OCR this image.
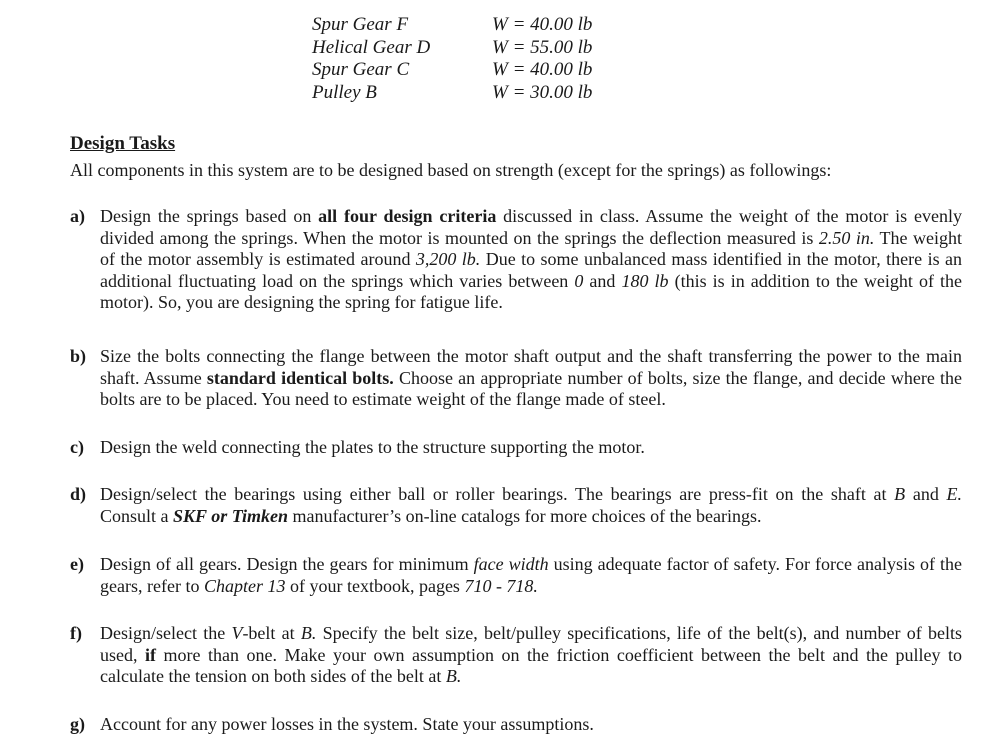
Spur Gear F	W = 40.00 lb
Helical Gear D	W = 55.00 lb
Spur Gear C	W = 40.00 lb
Pulley B	W = 30.00 lb
Design Tasks
All components in this system are to be designed based on strength (except for the springs) as followings:
a) Design the springs based on all four design criteria discussed in class. Assume the weight of the motor is evenly divided among the springs. When the motor is mounted on the springs the deflection measured is 2.50 in. The weight of the motor assembly is estimated around 3,200 lb. Due to some unbalanced mass identified in the motor, there is an additional fluctuating load on the springs which varies between 0 and 180 lb (this is in addition to the weight of the motor). So, you are designing the spring for fatigue life.
b) Size the bolts connecting the flange between the motor shaft output and the shaft transferring the power to the main shaft. Assume standard identical bolts. Choose an appropriate number of bolts, size the flange, and decide where the bolts are to be placed. You need to estimate weight of the flange made of steel.
c) Design the weld connecting the plates to the structure supporting the motor.
d) Design/select the bearings using either ball or roller bearings. The bearings are press-fit on the shaft at B and E. Consult a SKF or Timken manufacturer’s on-line catalogs for more choices of the bearings.
e) Design of all gears. Design the gears for minimum face width using adequate factor of safety. For force analysis of the gears, refer to Chapter 13 of your textbook, pages 710 - 718.
f)	Design/select the V-belt at B. Specify the belt size, belt/pulley specifications, life of the belt(s), and number of belts used, if more than one. Make your own assumption on the friction coefficient between the belt and the pulley to calculate the tension on both sides of the belt at B.
g) Account for any power losses in the system. State your assumptions.
